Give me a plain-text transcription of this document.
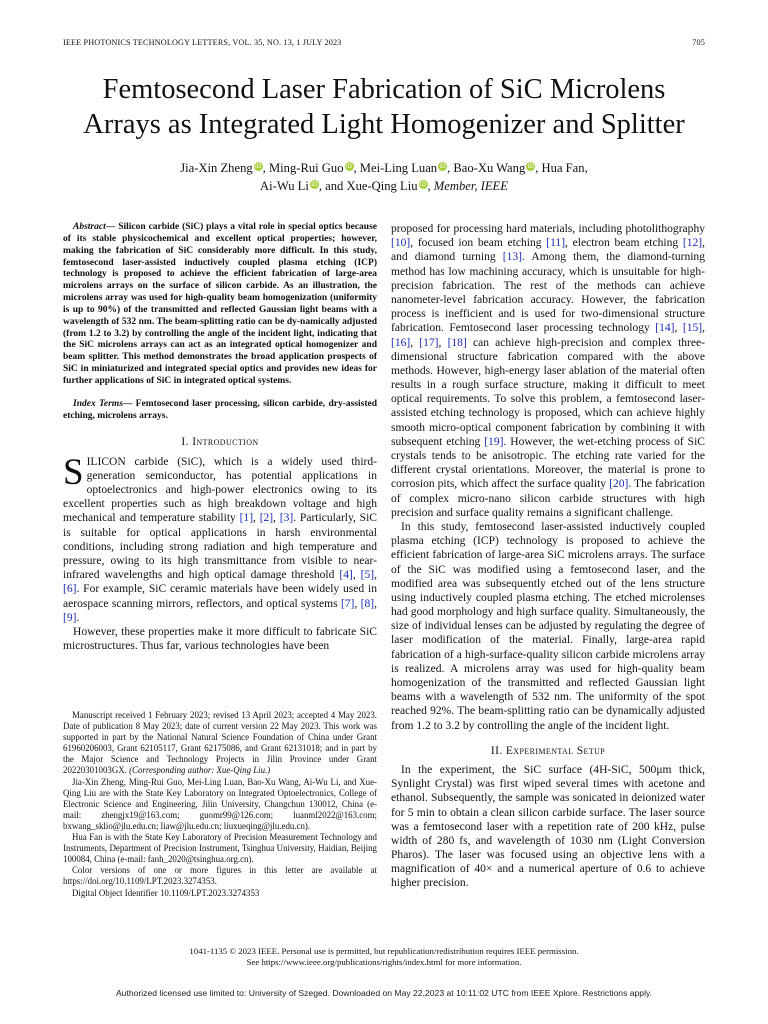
IEEE PHOTONICS TECHNOLOGY LETTERS, VOL. 35, NO. 13, 1 JULY 2023	705
Femtosecond Laser Fabrication of SiC Microlens
Arrays as Integrated Light Homogenizer and Splitter
Jia-Xin Zheng iD, Ming-Rui Guo iD, Mei-Ling Luan iD, Bao-Xu Wang iD, Hua Fan,
Ai-Wu Li iD, and Xue-Qing Liu iD, Member, IEEE

Abstract— Silicon carbide (SiC) plays a vital role in special optics because of its stable physicochemical and excellent optical properties; however, making the fabrication of SiC considerably more difficult. In this study, femtosecond laser-assisted inductively coupled plasma etching (ICP) technology is proposed to achieve the efficient fabrication of large-area microlens arrays on the surface of silicon carbide. As an illustration, the microlens array was used for high-quality beam homogenization (uniformity is up to 90%) of the transmitted and reflected Gaussian light beams with a wavelength of 532 nm. The beam-splitting ratio can be dy-namically adjusted (from 1.2 to 3.2) by controlling the angle of the incident light, indicating that the SiC microlens arrays can act as an integrated optical homogenizer and beam splitter. This method demonstrates the broad application prospects of SiC in miniaturized and integrated special optics and provides new ideas for further applications of SiC in integrated optical systems.

Index Terms— Femtosecond laser processing, silicon carbide, dry-assisted etching, microlens arrays.

I. Introduction

SILICON carbide (SiC), which is a widely used third-generation semiconductor, has potential applications in optoelectronics and high-power electronics owing to its excellent properties such as high breakdown voltage and high mechanical and temperature stability [1], [2], [3]. Particularly, SiC is suitable for optical applications in harsh environmental conditions, including strong radiation and high temperature and pressure, owing to its high transmittance from visible to near-infrared wavelengths and high optical damage threshold [4], [5], [6]. For example, SiC ceramic materials have been widely used in aerospace scanning mirrors, reflectors, and optical systems [7], [8], [9].

However, these properties make it more difficult to fabricate SiC microstructures. Thus far, various technologies have been

Manuscript received 1 February 2023; revised 13 April 2023; accepted 4 May 2023. Date of publication 8 May 2023; date of current version 22 May 2023. This work was supported in part by the National Natural Science Foundation of China under Grant 61960206003, Grant 62105117, Grant 62175086, and Grant 62131018; and in part by the Major Science and Technology Projects in Jilin Province under Grant 20220301003GX. (Corresponding author: Xue-Qing Liu.)

Jia-Xin Zheng, Ming-Rui Guo, Mei-Ling Luan, Bao-Xu Wang, Ai-Wu Li, and Xue-Qing Liu are with the State Key Laboratory on Integrated Optoelectronics, College of Electronic Science and Engineering, Jilin University, Changchun 130012, China (e-mail: zhengjx19@163.com; guomr99@126.com; luanml2022@163.com; bxwang_sklio@jlu.edu.cn; liaw@jlu.edu.cn; liuxueqing@jlu.edu.cn).

Hua Fan is with the State Key Laboratory of Precision Measurement Technology and Instruments, Department of Precision Instrument, Tsinghua University, Haidian, Beijing 100084, China (e-mail: fanh_2020@tsinghua.org.cn).

Color versions of one or more figures in this letter are available at https://doi.org/10.1109/LPT.2023.3274353.

Digital Object Identifier 10.1109/LPT.2023.3274353

proposed for processing hard materials, including photolithography [10], focused ion beam etching [11], electron beam etching [12], and diamond turning [13]. Among them, the diamond-turning method has low machining accuracy, which is unsuitable for high-precision fabrication. The rest of the methods can achieve nanometer-level fabrication accuracy. However, the fabrication process is inefficient and is used for two-dimensional structure fabrication. Femtosecond laser processing technology [14], [15], [16], [17], [18] can achieve high-precision and complex three-dimensional structure fabrication compared with the above methods. However, high-energy laser ablation of the material often results in a rough surface structure, making it difficult to meet optical requirements. To solve this problem, a femtosecond laser-assisted etching technology is proposed, which can achieve highly smooth micro-optical component fabrication by combining it with subsequent etching [19]. However, the wet-etching process of SiC crystals tends to be anisotropic. The etching rate varied for the different crystal orientations. Moreover, the material is prone to corrosion pits, which affect the surface quality [20]. The fabrication of complex micro-nano silicon carbide structures with high precision and surface quality remains a significant challenge.

In this study, femtosecond laser-assisted inductively coupled plasma etching (ICP) technology is proposed to achieve the efficient fabrication of large-area SiC microlens arrays. The surface of the SiC was modified using a femtosecond laser, and the modified area was subsequently etched out of the lens structure using inductively coupled plasma etching. The etched microlenses had good morphology and high surface quality. Simultaneously, the size of individual lenses can be adjusted by regulating the degree of laser modification of the material. Finally, large-area rapid fabrication of a high-surface-quality silicon carbide microlens array is realized. A microlens array was used for high-quality beam homogenization of the transmitted and reflected Gaussian light beams with a wavelength of 532 nm. The uniformity of the spot reached 92%. The beam-splitting ratio can be dynamically adjusted from 1.2 to 3.2 by controlling the angle of the incident light.

II. Experimental Setup

In the experiment, the SiC surface (4H-SiC, 500μm thick, Synlight Crystal) was first wiped several times with acetone and ethanol. Subsequently, the sample was sonicated in deionized water for 5 min to obtain a clean silicon carbide surface. The laser source was a femtosecond laser with a repetition rate of 200 kHz, pulse width of 280 fs, and wavelength of 1030 nm (Light Conversion Pharos). The laser was focused using an objective lens with a magnification of 40× and a numerical aperture of 0.6 to achieve higher precision.

1041-1135 © 2023 IEEE. Personal use is permitted, but republication/redistribution requires IEEE permission.
See https://www.ieee.org/publications/rights/index.html for more information.
Authorized licensed use limited to: University of Szeged. Downloaded on May 22,2023 at 10:11:02 UTC from IEEE Xplore. Restrictions apply.
